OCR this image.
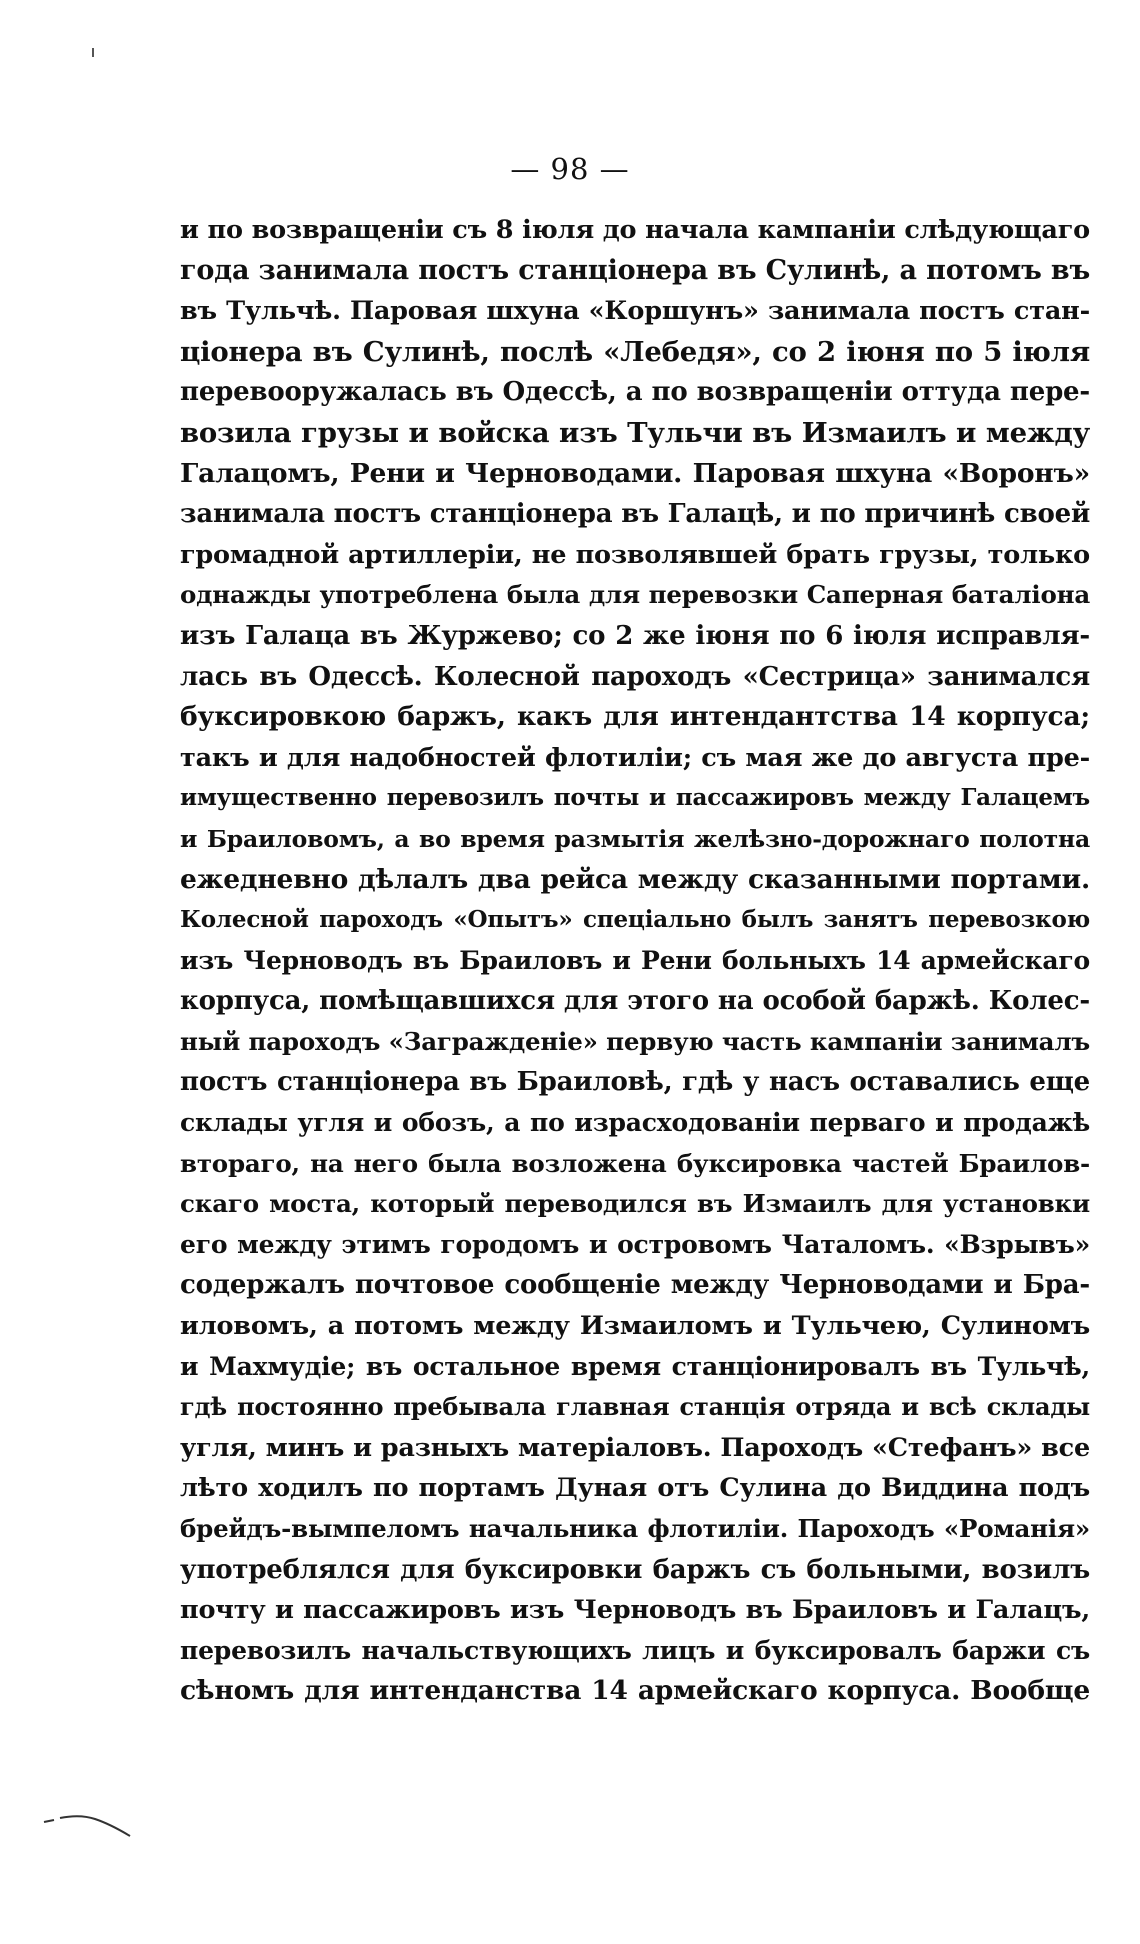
— 98 —
и по возвращеніи съ 8 іюля до начала кампаніи слѣдующаго
года занимала постъ станціонера въ Сулинѣ, а потомъ въ
въ Тульчѣ. Паровая шхуна «Коршунъ» занимала постъ стан-
ціонера въ Сулинѣ, послѣ «Лебедя», со 2 іюня по 5 іюля
перевооружалась въ Одессѣ, а по возвращеніи оттуда пере-
возила грузы и войска изъ Тульчи въ Измаилъ и между
Галацомъ, Рени и Черноводами. Паровая шхуна «Воронъ»
занимала постъ станціонера въ Галацѣ, и по причинѣ своей
громадной артиллеріи, не позволявшей брать грузы, только
однажды употреблена была для перевозки Саперная баталіона
изъ Галаца въ Журжево; со 2 же іюня по 6 іюля исправля-
лась въ Одессѣ. Колесной пароходъ «Сестрица» занимался
буксировкою баржъ, какъ для интендантства 14 корпуса;
такъ и для надобностей флотиліи; съ мая же до августа пре-
имущественно перевозилъ почты и пассажировъ между Галацемъ
и Браиловомъ, а во время размытія желѣзно-дорожнаго полотна
ежедневно дѣлалъ два рейса между сказанными портами.
Колесной пароходъ «Опытъ» спеціально былъ занятъ перевозкою
изъ Черноводъ въ Браиловъ и Рени больныхъ 14 армейскаго
корпуса, помѣщавшихся для этого на особой баржѣ. Колес-
ный пароходъ «Загражденіе» первую часть кампаніи занималъ
постъ станціонера въ Браиловѣ, гдѣ у насъ оставались еще
склады угля и обозъ, а по израсходованіи перваго и продажѣ
втораго, на него была возложена буксировка частей Браилов-
скаго моста, который переводился въ Измаилъ для установки
его между этимъ городомъ и островомъ Чаталомъ. «Взрывъ»
содержалъ почтовое сообщеніе между Черноводами и Бра-
иловомъ, а потомъ между Измаиломъ и Тульчею, Сулиномъ
и Махмудіе; въ остальное время станціонировалъ въ Тульчѣ,
гдѣ постоянно пребывала главная станція отряда и всѣ склады
угля, минъ и разныхъ матеріаловъ. Пароходъ «Стефанъ» все
лѣто ходилъ по портамъ Дуная отъ Сулина до Виддина подъ
брейдъ-вымпеломъ начальника флотиліи. Пароходъ «Романія»
употреблялся для буксировки баржъ съ больными, возилъ
почту и пассажировъ изъ Черноводъ въ Браиловъ и Галацъ,
перевозилъ начальствующихъ лицъ и буксировалъ баржи съ
сѣномъ для интенданства 14 армейскаго корпуса. Вообще
